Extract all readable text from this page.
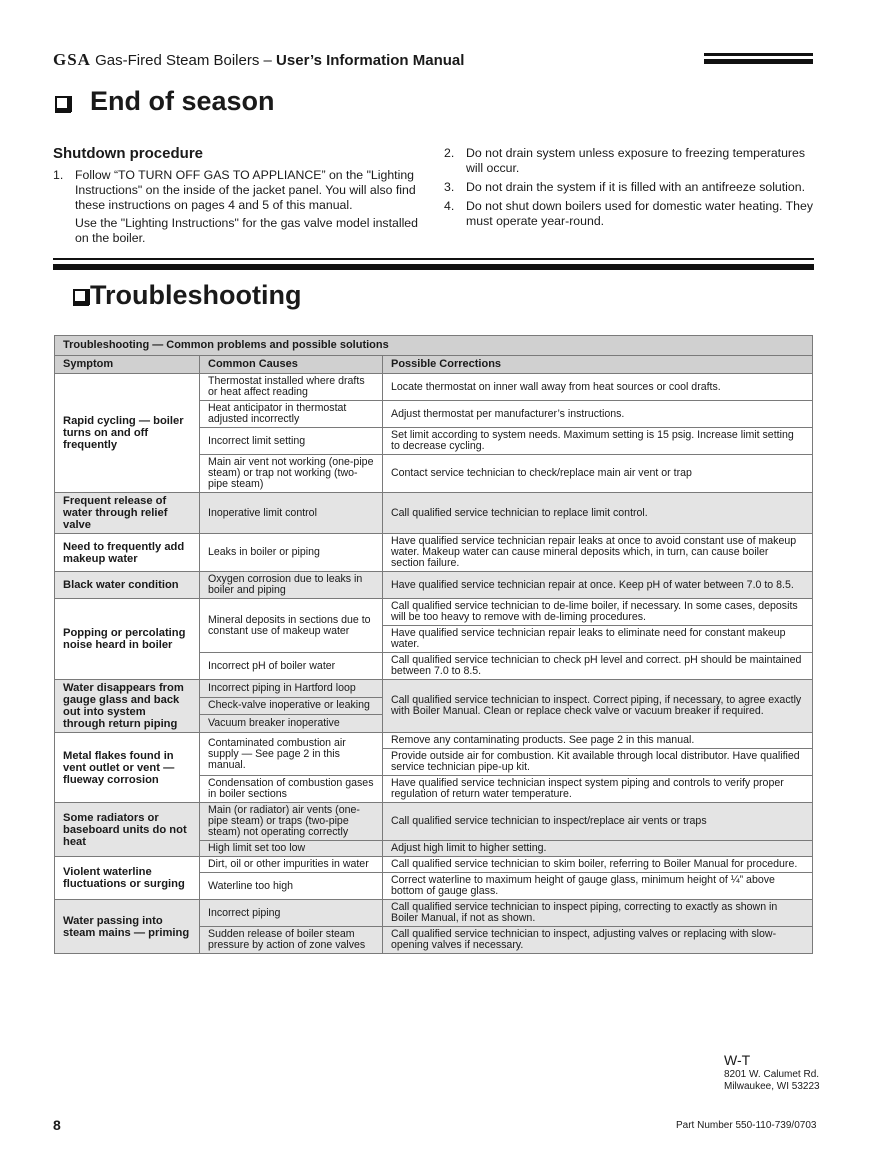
GSA Gas-Fired Steam Boilers – User’s Information Manual

End of season
Shutdown procedure
1. Follow “TO TURN OFF GAS TO APPLIANCE” on the "Lighting Instructions" on the inside of the jacket panel. You will also find these instructions on pages 4 and 5 of this manual.
Use the "Lighting Instructions" for the gas valve model installed on the boiler.
2. Do not drain system unless exposure to freezing temperatures will occur.
3. Do not drain the system if it is filled with an antifreeze solution.
4. Do not shut down boilers used for domestic water heating. They must operate year-round.
Troubleshooting
Troubleshooting — Common problems and possible solutions		
Symptom	Common Causes	Possible Corrections
Rapid cycling — boiler turns on and off frequently	Thermostat installed where drafts or heat affect reading	Locate thermostat on inner wall away from heat sources or cool drafts.
	Heat anticipator in thermostat adjusted incorrectly	Adjust thermostat per manufacturer’s instructions.
	Incorrect limit setting	Set limit according to system needs. Maximum setting is 15 psig. Increase limit setting to decrease cycling.
	Main air vent not working (one-pipe steam) or trap not working (two-pipe steam)	Contact service technician to check/replace main air vent or trap
Frequent release of water through relief valve	Inoperative limit control	Call qualified service technician to replace limit control.
Need to frequently add makeup water	Leaks in boiler or piping	Have qualified service technician repair leaks at once to avoid constant use of makeup water. Makeup water can cause mineral deposits which, in turn, can cause boiler section failure.
Black water condition	Oxygen corrosion due to leaks in boiler and piping	Have qualified service technician repair at once. Keep pH of water between 7.0 to 8.5.
Popping or percolating noise heard in boiler	Mineral deposits in sections due to constant use of makeup water	Call qualified service technician to de-lime boiler, if necessary. In some cases, deposits will be too heavy to remove with de-liming procedures.
		Have qualified service technician repair leaks to eliminate need for constant makeup water.
	Incorrect pH of boiler water	Call qualified service technician to check pH level and correct. pH should be maintained between 7.0 to 8.5.
Water disappears from gauge glass and back out into system through return piping	Incorrect piping in Hartford loop	Call qualified service technician to inspect. Correct piping, if necessary, to agree exactly with Boiler Manual. Clean or replace check valve or vacuum breaker if required.
	Check-valve inoperative or leaking	
	Vacuum breaker inoperative	
Metal flakes found in vent outlet or vent — flueway corrosion	Contaminated combustion air supply — See page 2 in this manual.	Remove any contaminating products. See page 2 in this manual.
		Provide outside air for combustion. Kit available through local distributor. Have qualified service technician pipe-up kit.
	Condensation of combustion gases in boiler sections	Have qualified service technician inspect system piping and controls to verify proper regulation of return water temperature.
Some radiators or baseboard units do not heat	Main (or radiator) air vents (one-pipe steam) or traps (two-pipe steam) not operating correctly	Call qualified service technician to inspect/replace air vents or traps
	High limit set too low	Adjust high limit to higher setting.
Violent waterline fluctuations or surging	Dirt, oil or other impurities in water	Call qualified service technician to skim boiler, referring to Boiler Manual for procedure.
	Waterline too high	Correct waterline to maximum height of gauge glass, minimum height of ¼” above bottom of gauge glass.
Water passing into steam mains — priming	Incorrect piping	Call qualified service technician to inspect piping, correcting to exactly as shown in Boiler Manual, if not as shown.
	Sudden release of boiler steam pressure by action of zone valves	Call qualified service technician to inspect, adjusting valves or replacing with slow-opening valves if necessary.
W-T
8201 W. Calumet Rd.
Milwaukee, WI 53223
8	Part Number 550-110-739/0703
